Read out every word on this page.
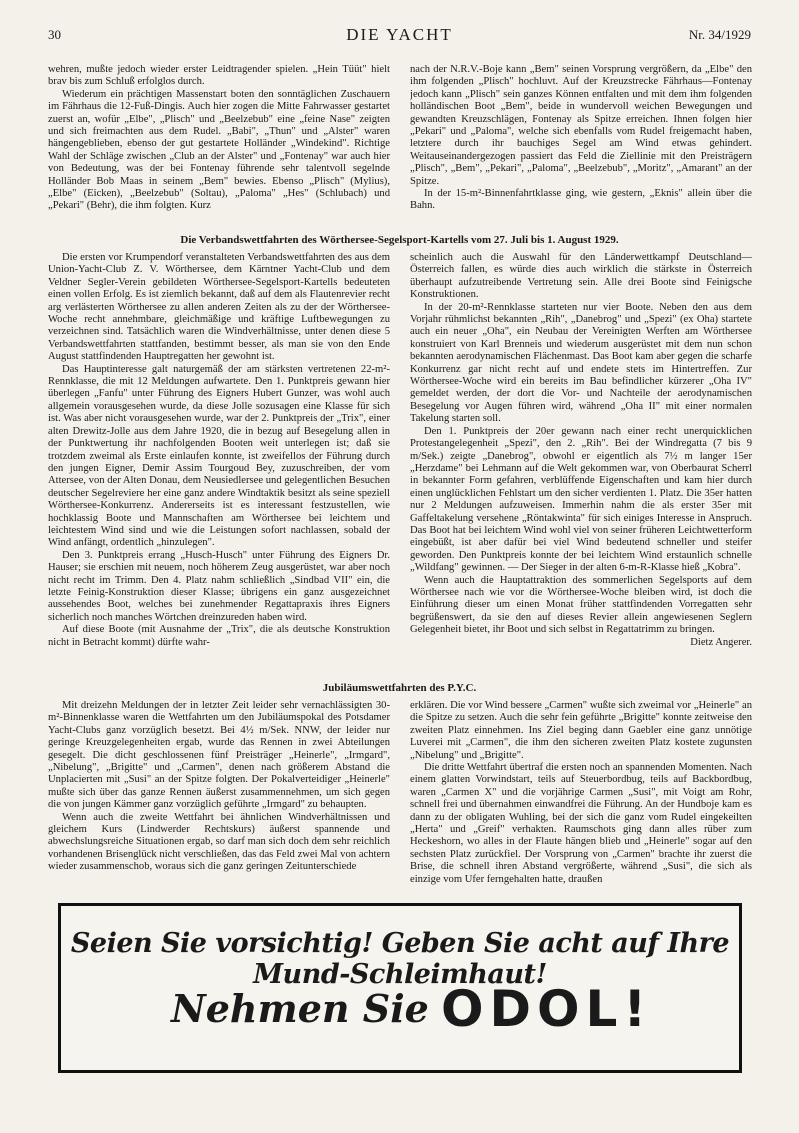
30	DIE YACHT	Nr. 34/1929

wehren, mußte jedoch wieder erster Leidtragender spielen. „Hein Tüüt" hielt brav bis zum Schluß erfolglos durch.

Wiederum ein prächtigen Massenstart boten den sonntäglichen Zuschauern im Fährhaus die 12-Fuß-Dingis. Auch hier zogen die Mitte Fahrwasser gestartet zuerst an, wofür „Elbe", „Plisch" und „Beelzebub" eine „feine Nase" zeigten und sich freimachten aus dem Rudel. „Babi", „Thun" und „Alster" waren hängengeblieben, ebenso der gut gestartete Holländer „Windekind". Richtige Wahl der Schläge zwischen „Club an der Alster" und „Fontenay" war auch hier von Bedeutung, was der bei Fontenay führende sehr talentvoll segelnde Holländer Bob Maas in seinem „Bem" bewies. Ebenso „Plisch" (Mylius), „Elbe" (Eicken), „Beelzebub" (Soltau), „Paloma" „Hes" (Schlubach) und „Pekari" (Behr), die ihm folgten. Kurz

nach der N.R.V.-Boje kann „Bem" seinen Vorsprung vergrößern, da „Elbe" den ihm folgenden „Plisch" hochluvt. Auf der Kreuzstrecke Fährhaus—Fontenay jedoch kann „Plisch" sein ganzes Können entfalten und mit dem ihm folgenden holländischen Boot „Bem", beide in wundervoll weichen Bewegungen und gewandten Kreuzschlägen, Fontenay als Spitze erreichen. Ihnen folgen hier „Pekari" und „Paloma", welche sich ebenfalls vom Rudel freigemacht haben, letztere durch ihr bauchiges Segel am Wind etwas gehindert. Weitauseinandergezogen passiert das Feld die Ziellinie mit den Preisträgern „Plisch", „Bem", „Pekari", „Paloma", „Beelzebub", „Moritz", „Amarant" an der Spitze.

In der 15-m²-Binnenfahrtklasse ging, wie gestern, „Eknis" allein über die Bahn.

Die Verbandswettfahrten des Wörthersee-Segelsport-Kartells vom 27. Juli bis 1. August 1929.

Die ersten vor Krumpendorf veranstalteten Verbandswettfahrten des aus dem Union-Yacht-Club Z. V. Wörthersee, dem Kärntner Yacht-Club und dem Veldner Segler-Verein gebildeten Wörthersee-Segelsport-Kartells bedeuteten einen vollen Erfolg. Es ist ziemlich bekannt, daß auf dem als Flautenrevier recht arg verlästerten Wörthersee zu allen anderen Zeiten als zu der der Wörthersee-Woche recht annehmbare, gleichmäßige und kräftige Luftbewegungen zu verzeichnen sind. Tatsächlich waren die Windverhältnisse, unter denen diese 5 Verbandswettfahrten stattfanden, bestimmt besser, als man sie von den Ende August stattfindenden Hauptregatten her gewohnt ist.

Das Hauptinteresse galt naturgemäß der am stärksten vertretenen 22-m²-Rennklasse, die mit 12 Meldungen aufwartete. Den 1. Punktpreis gewann hier überlegen „Fanfu" unter Führung des Eigners Hubert Gunzer, was wohl auch allgemein vorausgesehen wurde, da diese Jolle sozusagen eine Klasse für sich ist. Was aber nicht vorausgesehen wurde, war der 2. Punktpreis der „Trix", einer alten Drewitz-Jolle aus dem Jahre 1920, die in bezug auf Besegelung allen in der Punktwertung ihr nachfolgenden Booten weit unterlegen ist; daß sie trotzdem zweimal als Erste einlaufen konnte, ist zweifellos der Führung durch den jungen Eigner, Demir Assim Tourgoud Bey, zuzuschreiben, der vom Attersee, von der Alten Donau, dem Neusiedlersee und gelegentlichen Besuchen deutscher Segelreviere her eine ganz andere Windtaktik besitzt als seine speziell Wörthersee-Konkurrenz. Andererseits ist es interessant festzustellen, wie hochklassig Boote und Mannschaften am Wörthersee bei leichtem und leichtestem Wind sind und wie die Leistungen sofort nachlassen, sobald der Wind anfängt, ordentlich „hinzulegen".

Den 3. Punktpreis errang „Husch-Husch" unter Führung des Eigners Dr. Hauser; sie erschien mit neuem, noch höherem Zeug ausgerüstet, war aber noch nicht recht im Trimm. Den 4. Platz nahm schließlich „Sindbad VII" ein, die letzte Feinig-Konstruktion dieser Klasse; übrigens ein ganz ausgezeichnet aussehendes Boot, welches bei zunehmender Regattapraxis ihres Eigners sicherlich noch manches Wörtchen dreinzureden haben wird.

Auf diese Boote (mit Ausnahme der „Trix", die als deutsche Konstruktion nicht in Betracht kommt) dürfte wahr-

scheinlich auch die Auswahl für den Länderwettkampf Deutschland—Österreich fallen, es würde dies auch wirklich die stärkste in Österreich überhaupt aufzutreibende Vertretung sein. Alle drei Boote sind Feinigsche Konstruktionen.

In der 20-m²-Rennklasse starteten nur vier Boote. Neben den aus dem Vorjahr rühmlichst bekannten „Rih", „Danebrog" und „Spezi" (ex Oha) startete auch ein neuer „Oha", ein Neubau der Vereinigten Werften am Wörthersee konstruiert von Karl Brenneis und wiederum ausgerüstet mit dem nun schon bekannten aerodynamischen Flächenmast. Das Boot kam aber gegen die scharfe Konkurrenz gar nicht recht auf und endete stets im Hintertreffen. Zur Wörthersee-Woche wird ein bereits im Bau befindlicher kürzerer „Oha IV" gemeldet werden, der dort die Vor- und Nachteile der aerodynamischen Besegelung vor Augen führen wird, während „Oha II" mit einer normalen Takelung starten soll.

Den 1. Punktpreis der 20er gewann nach einer recht unerquicklichen Protestangelegenheit „Spezi", den 2. „Rih". Bei der Windregatta (7 bis 9 m/Sek.) zeigte „Danebrog", obwohl er eigentlich als 7½ m langer 15er „Herzdame" bei Lehmann auf die Welt gekommen war, von Oberbaurat Scherrl in bekannter Form gefahren, verblüffende Eigenschaften und kam hier durch einen unglücklichen Fehlstart um den sicher verdienten 1. Platz. Die 35er hatten nur 2 Meldungen aufzuweisen. Immerhin nahm die als erster 35er mit Gaffeltakelung versehene „Röntakwinta" für sich einiges Interesse in Anspruch. Das Boot hat bei leichtem Wind wohl viel von seiner früheren Leichtwetterform eingebüßt, ist aber dafür bei viel Wind bedeutend schneller und steifer geworden. Den Punktpreis konnte der bei leichtem Wind erstaunlich schnelle „Wildfang" gewinnen. — Der Sieger in der alten 6-m-R-Klasse hieß „Kobra".

Wenn auch die Hauptattraktion des sommerlichen Segelsports auf dem Wörthersee nach wie vor die Wörthersee-Woche bleiben wird, ist doch die Einführung dieser um einen Monat früher stattfindenden Vorregatten sehr begrüßenswert, da sie den auf dieses Revier allein angewiesenen Seglern Gelegenheit bietet, ihr Boot und sich selbst in Regattatrimm zu bringen.

Dietz Angerer.

Jubiläumswettfahrten des P.Y.C.

Mit dreizehn Meldungen der in letzter Zeit leider sehr vernachlässigten 30-m²-Binnenklasse waren die Wettfahrten um den Jubiläumspokal des Potsdamer Yacht-Clubs ganz vorzüglich besetzt. Bei 4½ m/Sek. NNW, der leider nur geringe Kreuzgelegenheiten ergab, wurde das Rennen in zwei Abteilungen gesegelt. Die dicht geschlossenen fünf Preisträger „Heinerle", „Irmgard", „Nibelung", „Brigitte" und „Carmen", denen nach größerem Abstand die Unplacierten mit „Susi" an der Spitze folgten. Der Pokalverteidiger „Heinerle" mußte sich über das ganze Rennen äußerst zusammennehmen, um sich gegen die von jungen Kämmer ganz vorzüglich geführte „Irmgard" zu behaupten.

Wenn auch die zweite Wettfahrt bei ähnlichen Windverhältnissen und gleichem Kurs (Lindwerder Rechtskurs) äußerst spannende und abwechslungsreiche Situationen ergab, so darf man sich doch dem sehr reichlich vorhandenen Brisenglück nicht verschließen, das das Feld zwei Mal von achtern wieder zusammenschob, woraus sich die ganz geringen Zeitunterschiede

erklären. Die vor Wind bessere „Carmen" wußte sich zweimal vor „Heinerle" an die Spitze zu setzen. Auch die sehr fein geführte „Brigitte" konnte zeitweise den zweiten Platz einnehmen. Ins Ziel beging dann Gaebler eine ganz unnötige Luverei mit „Carmen", die ihm den sicheren zweiten Platz kostete zugunsten „Nibelung" und „Brigitte".

Die dritte Wettfahrt übertraf die ersten noch an spannenden Momenten. Nach einem glatten Vorwindstart, teils auf Steuerbordbug, teils auf Backbordbug, waren „Carmen X" und die vorjährige Carmen „Susi", mit Voigt am Rohr, schnell frei und übernahmen einwandfrei die Führung. An der Hundboje kam es dann zu der obligaten Wuhling, bei der sich die ganz vom Rudel eingekeilten „Herta" und „Greif" verhakten. Raumschots ging dann alles rüber zum Heckeshorn, wo alles in der Flaute hängen blieb und „Heinerle" sogar auf den sechsten Platz zurückfiel. Der Vorsprung von „Carmen" brachte ihr zuerst die Brise, die schnell ihren Abstand vergrößerte, während „Susi", die sich als einzige vom Ufer ferngehalten hatte, draußen

Seien Sie vorsichtig! Geben Sie acht auf Ihre Mund-Schleimhaut!
Nehmen Sie ODOL!
